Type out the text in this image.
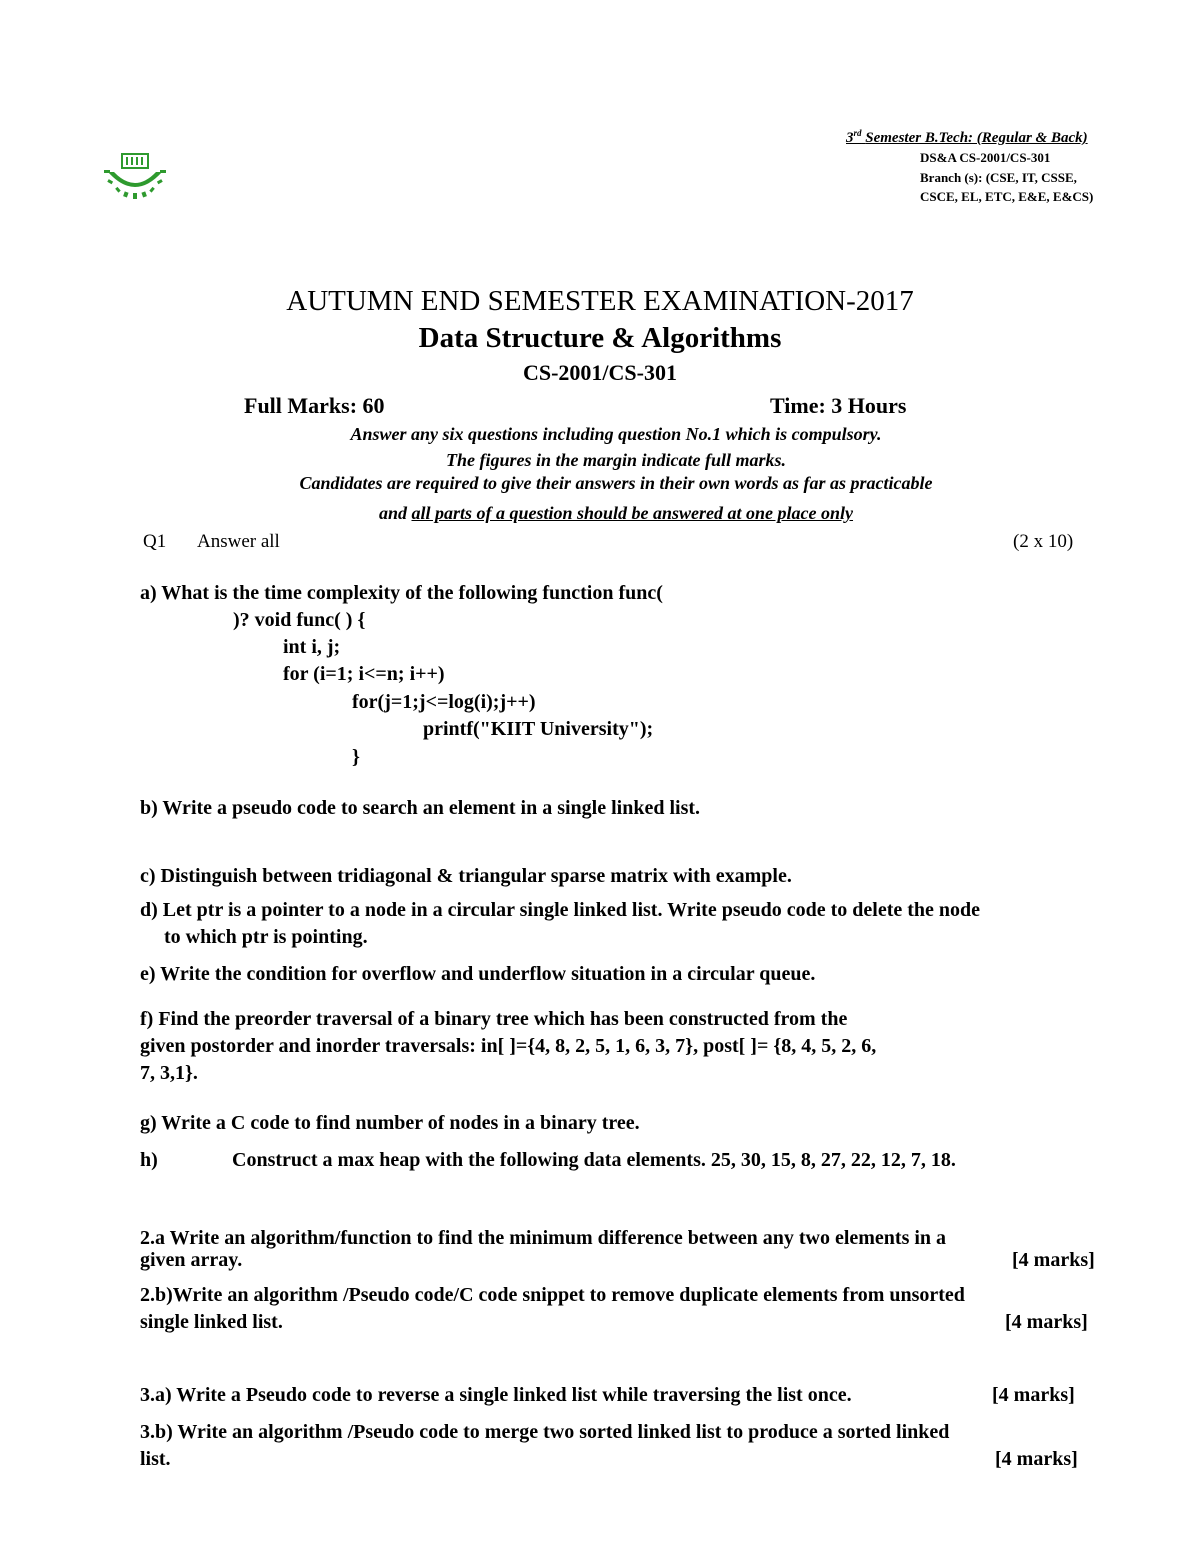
3rd Semester B.Tech: (Regular & Back)
DS&A CS-2001/CS-301
Branch (s): (CSE, IT, CSSE,
CSCE, EL, ETC, E&E, E&CS)
AUTUMN END SEMESTER EXAMINATION-2017
Data Structure & Algorithms
CS-2001/CS-301
Full Marks: 60	Time: 3 Hours
Answer any six questions including question No.1 which is compulsory.
The figures in the margin indicate full marks.
Candidates are required to give their answers in their own words as far as practicable
and all parts of a question should be answered at one place only
Q1 Answer all	(2 x 10)
a) What is the time complexity of the following function func(
)? void func( ) {
int i, j;
for (i=1; i<=n; i++)
for(j=1;j<=log(i);j++)
printf("KIIT University");
}
b) Write a pseudo code to search an element in a single linked list.
c) Distinguish between tridiagonal & triangular sparse matrix with example.
d) Let ptr is a pointer to a node in a circular single linked list. Write pseudo code to delete the node
to which ptr is pointing.
e) Write the condition for overflow and underflow situation in a circular queue.
f) Find the preorder traversal of a binary tree which has been constructed from the
given postorder and inorder traversals: in[ ]={4, 8, 2, 5, 1, 6, 3, 7}, post[ ]= {8, 4, 5, 2, 6,
7, 3,1}.
g) Write a C code to find number of nodes in a binary tree.
h)	Construct a max heap with the following data elements. 25, 30, 15, 8, 27, 22, 12, 7, 18.
2.a Write an algorithm/function to find the minimum difference between any two elements in a
given array.	[4 marks]
2.b)Write an algorithm /Pseudo code/C code snippet to remove duplicate elements from unsorted
single linked list.	[4 marks]
3.a) Write a Pseudo code to reverse a single linked list while traversing the list once.	[4 marks]
3.b) Write an algorithm /Pseudo code to merge two sorted linked list to produce a sorted linked
list.	[4 marks]
